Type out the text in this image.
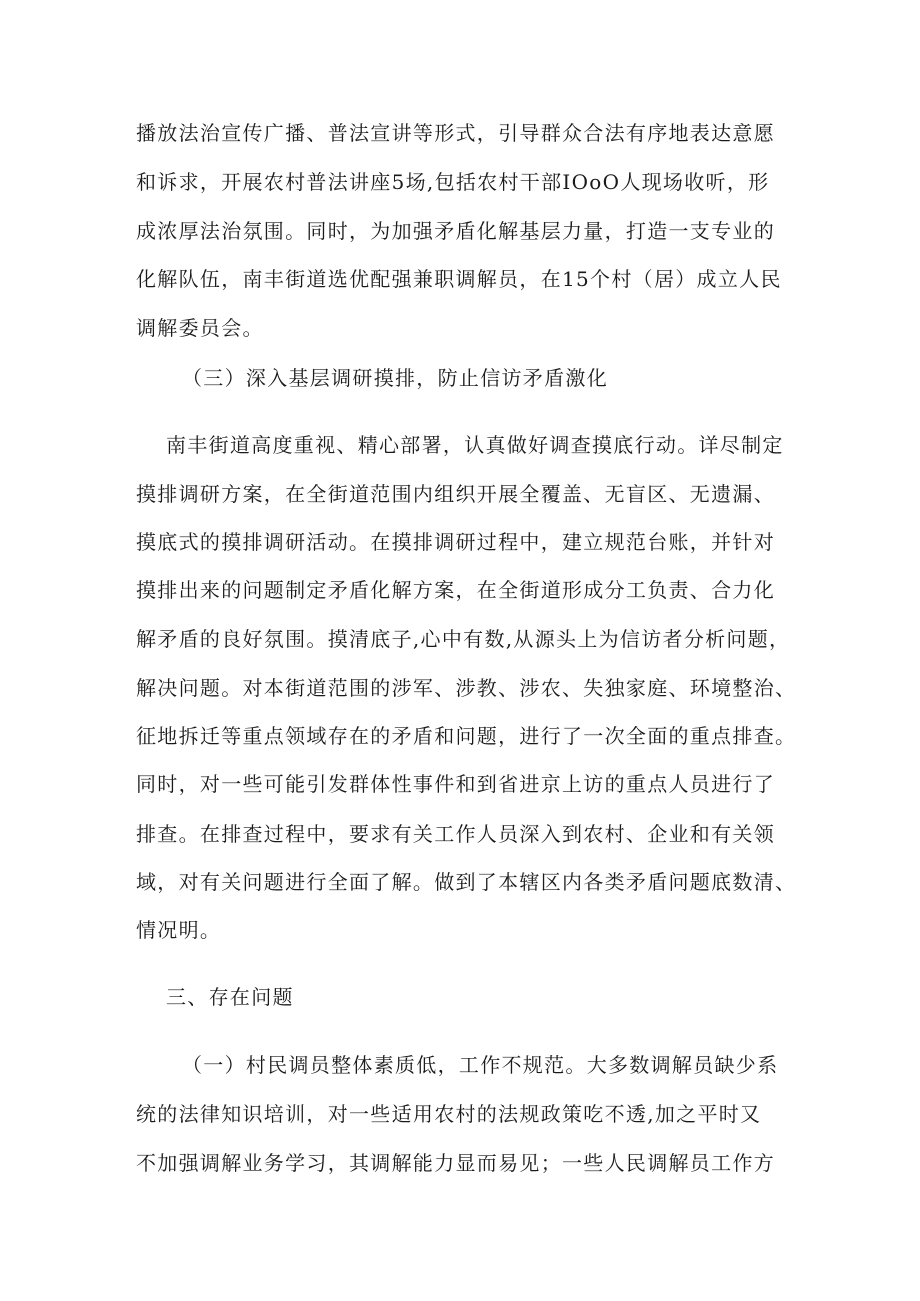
播放法治宣传广播、普法宣讲等形式，引导群众合法有序地表达意愿
和诉求，开展农村普法讲座5场,包括农村干部IOoO人现场收听，形
成浓厚法治氛围。同时，为加强矛盾化解基层力量，打造一支专业的
化解队伍，南丰街道选优配强兼职调解员，在15个村（居）成立人民
调解委员会。
（三）深入基层调研摸排，防止信访矛盾激化
南丰街道高度重视、精心部署，认真做好调查摸底行动。详尽制定
摸排调研方案，在全街道范围内组织开展全覆盖、无盲区、无遗漏、
摸底式的摸排调研活动。在摸排调研过程中，建立规范台账，并针对
摸排出来的问题制定矛盾化解方案，在全街道形成分工负责、合力化
解矛盾的良好氛围。摸清底子,心中有数,从源头上为信访者分析问题，
解决问题。对本街道范围的涉军、涉教、涉农、失独家庭、环境整治、
征地拆迁等重点领域存在的矛盾和问题，进行了一次全面的重点排查。
同时，对一些可能引发群体性事件和到省进京上访的重点人员进行了
排查。在排查过程中，要求有关工作人员深入到农村、企业和有关领
域，对有关问题进行全面了解。做到了本辖区内各类矛盾问题底数清、
情况明。
三、存在问题
（一）村民调员整体素质低，工作不规范。大多数调解员缺少系
统的法律知识培训，对一些适用农村的法规政策吃不透,加之平时又
不加强调解业务学习，其调解能力显而易见；一些人民调解员工作方
